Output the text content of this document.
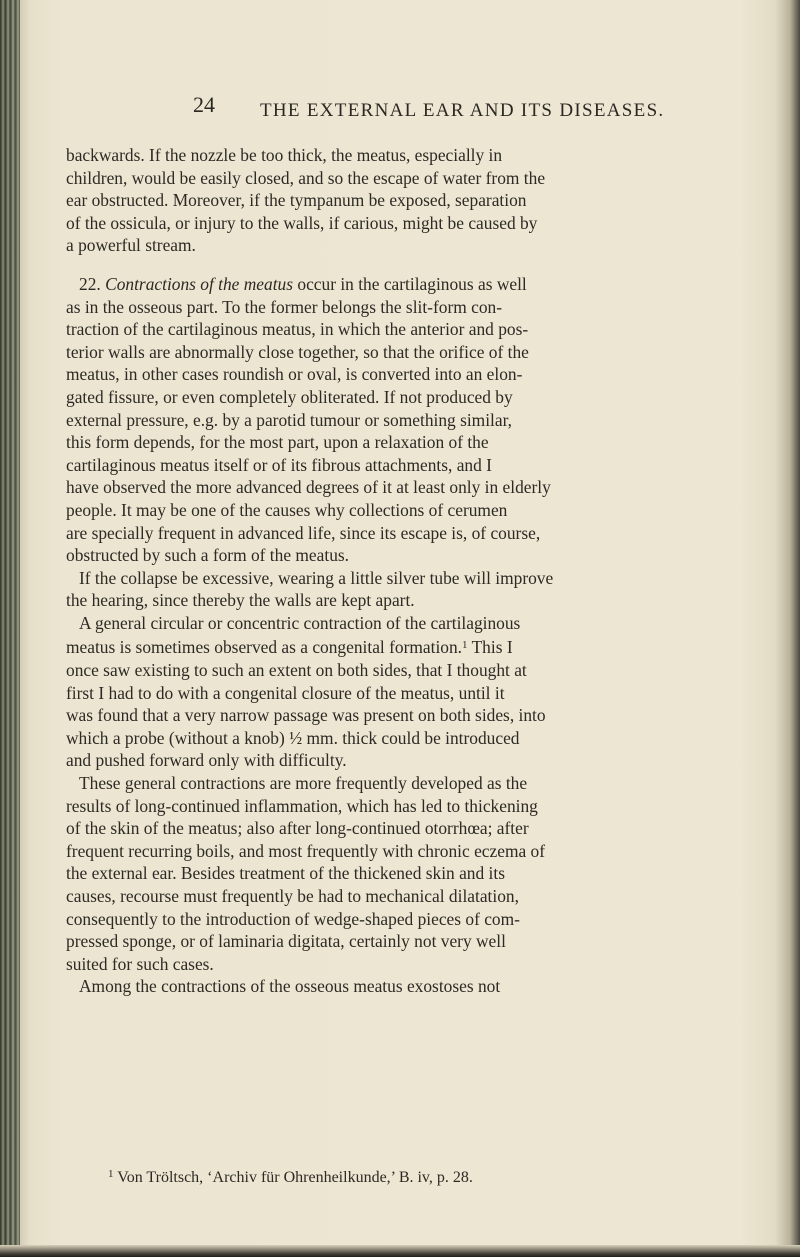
24 THE EXTERNAL EAR AND ITS DISEASES.
backwards. If the nozzle be too thick, the meatus, especially in
children, would be easily closed, and so the escape of water from the
ear obstructed. Moreover, if the tympanum be exposed, separation
of the ossicula, or injury to the walls, if carious, might be caused by
a powerful stream.
22. Contractions of the meatus occur in the cartilaginous as well
as in the osseous part. To the former belongs the slit-form con-
traction of the cartilaginous meatus, in which the anterior and pos-
terior walls are abnormally close together, so that the orifice of the
meatus, in other cases roundish or oval, is converted into an elon-
gated fissure, or even completely obliterated. If not produced by
external pressure, e.g. by a parotid tumour or something similar,
this form depends, for the most part, upon a relaxation of the
cartilaginous meatus itself or of its fibrous attachments, and I
have observed the more advanced degrees of it at least only in elderly
people. It may be one of the causes why collections of cerumen
are specially frequent in advanced life, since its escape is, of course,
obstructed by such a form of the meatus.
If the collapse be excessive, wearing a little silver tube will improve
the hearing, since thereby the walls are kept apart.
A general circular or concentric contraction of the cartilaginous
meatus is sometimes observed as a congenital formation.$^1$ This I
once saw existing to such an extent on both sides, that I thought at
first I had to do with a congenital closure of the meatus, until it
was found that a very narrow passage was present on both sides, into
which a probe (without a knob) ½ mm. thick could be introduced
and pushed forward only with difficulty.
These general contractions are more frequently developed as the
results of long-continued inflammation, which has led to thickening
of the skin of the meatus; also after long-continued otorrhœa; after
frequent recurring boils, and most frequently with chronic eczema of
the external ear. Besides treatment of the thickened skin and its
causes, recourse must frequently be had to mechanical dilatation,
consequently to the introduction of wedge-shaped pieces of com-
pressed sponge, or of laminaria digitata, certainly not very well
suited for such cases.
Among the contractions of the osseous meatus exostoses not
$^1$ Von Tröltsch, ‘Archiv für Ohrenheilkunde,’ B. iv, p. 28.
